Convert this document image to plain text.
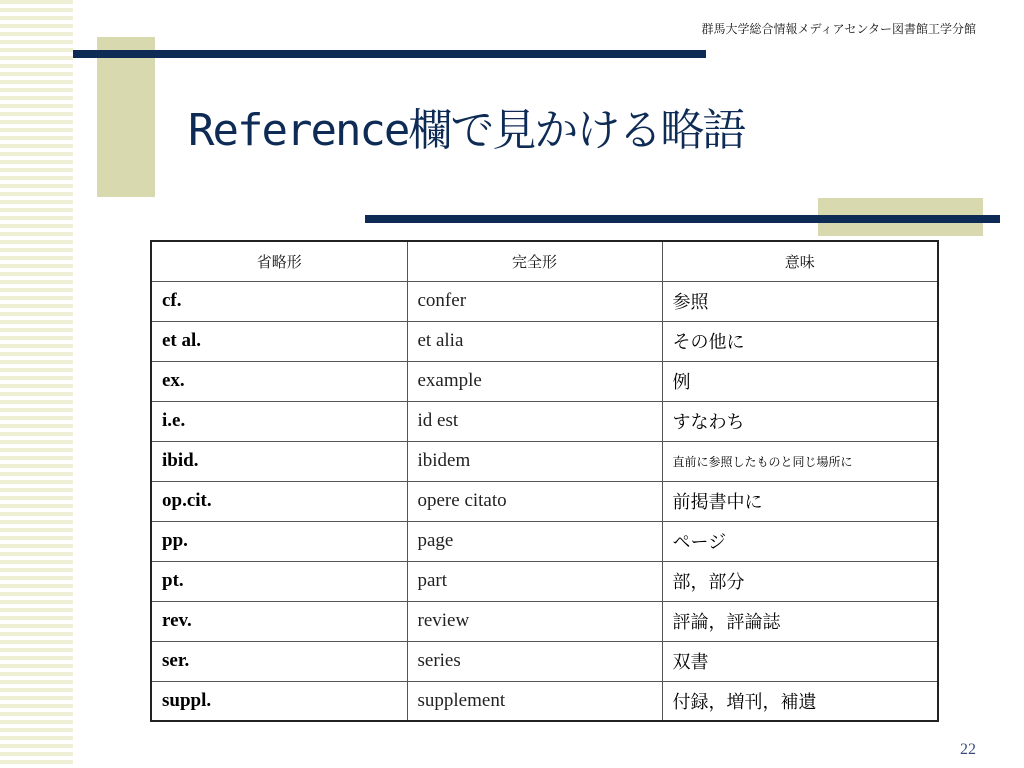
群馬大学総合情報メディアセンター図書館工学分館
Reference欄で見かける略語
省略形	完全形	意味
cf.	confer	参照
et al.	et alia	その他に
ex.	example	例
i.e.	id est	すなわち
ibid.	ibidem	直前に参照したものと同じ場所に
op.cit.	opere citato	前掲書中に
pp.	page	ページ
pt.	part	部，部分
rev.	review	評論，評論誌
ser.	series	双書
suppl.	supplement	付録，増刊，補遺
22
